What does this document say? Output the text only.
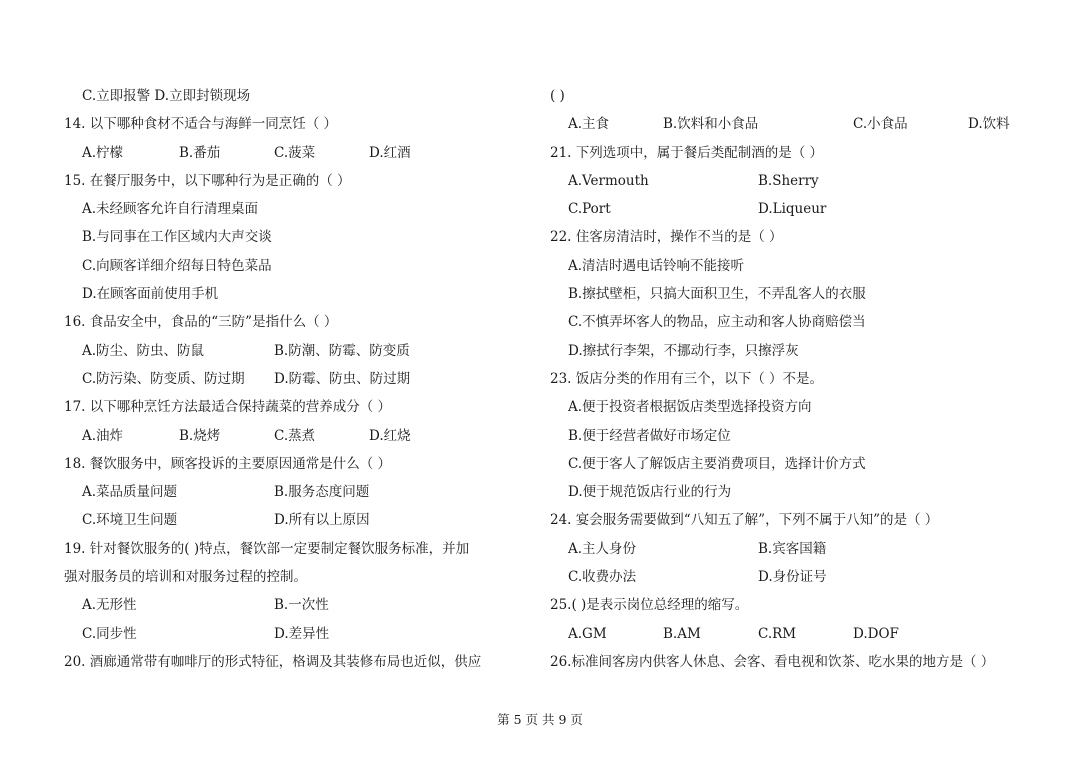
C.立即报警 D.立即封锁现场
14. 以下哪种食材不适合与海鲜一同烹饪（ ）
A.柠檬	B.番茄	C.菠菜	D.红酒
15. 在餐厅服务中，以下哪种行为是正确的（ ）
A.未经顾客允许自行清理桌面
B.与同事在工作区域内大声交谈
C.向顾客详细介绍每日特色菜品
D.在顾客面前使用手机
16. 食品安全中，食品的“三防”是指什么（ ）
A.防尘、防虫、防鼠	B.防潮、防霉、防变质
C.防污染、防变质、防过期 D.防霉、防虫、防过期
17. 以下哪种烹饪方法最适合保持蔬菜的营养成分（ ）
A.油炸	B.烧烤	C.蒸煮	D.红烧
18. 餐饮服务中，顾客投诉的主要原因通常是什么（ ）
A.菜品质量问题	B.服务态度问题
C.环境卫生问题	D.所有以上原因
19. 针对餐饮服务的( )特点，餐饮部一定要制定餐饮服务标准，并加
强对服务员的培训和对服务过程的控制。
A.无形性	B.一次性
C.同步性	D.差异性
20. 酒廊通常带有咖啡厅的形式特征，格调及其装修布局也近似，供应
( )
A.主食	B.饮料和小食品	C.小食品	D.饮料
21. 下列选项中，属于餐后类配制酒的是（ ）
A.Vermouth	B.Sherry
C.Port	D.Liqueur
22. 住客房清洁时，操作不当的是（ ）
A.清洁时遇电话铃响不能接听
B.擦拭壁柜，只搞大面积卫生，不弄乱客人的衣服
C.不慎弄坏客人的物品，应主动和客人协商赔偿当
D.擦拭行李架，不挪动行李，只擦浮灰
23. 饭店分类的作用有三个，以下（ ）不是。
A.便于投资者根据饭店类型选择投资方向
B.便于经营者做好市场定位
C.便于客人了解饭店主要消费项目，选择计价方式
D.便于规范饭店行业的行为
24. 宴会服务需要做到“八知五了解”，下列不属于八知”的是（ ）
A.主人身份	B.宾客国籍
C.收费办法	D.身份证号
25.( )是表示岗位总经理的缩写。
A.GM	B.AM	C.RM	D.DOF
26.标准间客房内供客人休息、会客、看电视和饮茶、吃水果的地方是（ ）
第 5 页 共 9 页
